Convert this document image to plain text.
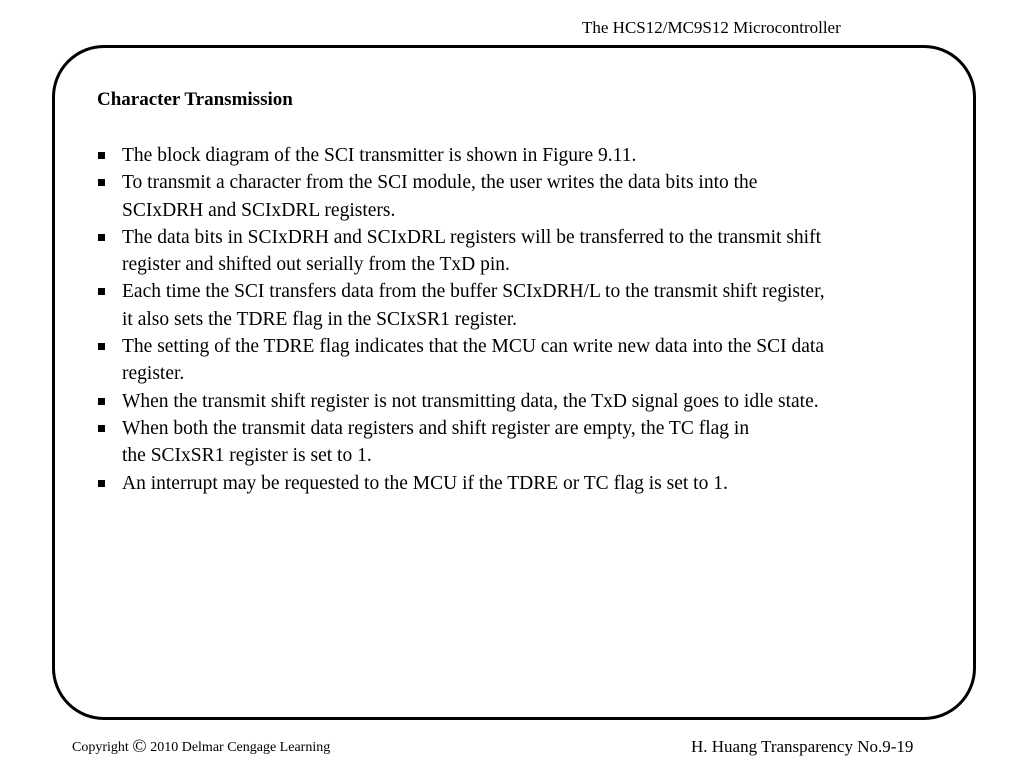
The HCS12/MC9S12 Microcontroller
Character Transmission
The block diagram of the SCI transmitter is shown in Figure 9.11.
To transmit a character from the SCI module, the user writes the data bits into the
SCIxDRH and SCIxDRL registers.
The data bits in SCIxDRH and SCIxDRL registers will be transferred to the transmit shift
register and shifted out serially from the TxD pin.
Each time the SCI transfers data from the buffer SCIxDRH/L to the transmit shift register,
it also sets the TDRE flag in the SCIxSR1 register.
The setting of the TDRE flag indicates that the MCU can write new data into the SCI data
register.
When the transmit shift register is not transmitting data, the TxD signal goes to idle state.
When both the transmit data registers and shift register are empty, the TC flag in
the SCIxSR1 register is set to 1.
An interrupt may be requested to the MCU if the TDRE or TC flag is set to 1.
Copyright © 2010 Delmar Cengage Learning	H. Huang Transparency No.9-19
